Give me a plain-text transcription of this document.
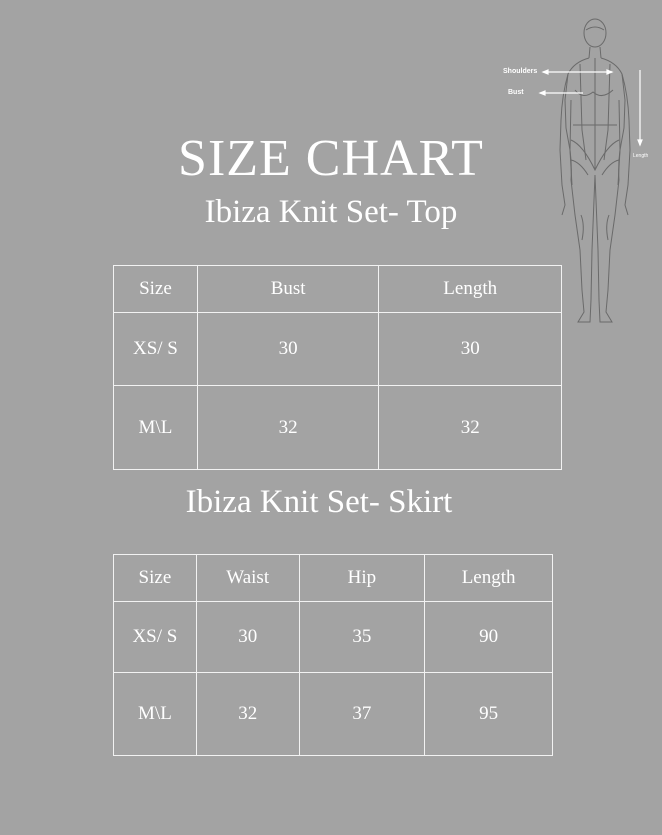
SIZE CHART
Ibiza Knit Set- Top
Shoulders
Bust
Length
Size	Bust	Length
XS/ S	30	30
M\L	32	32
Ibiza Knit Set- Skirt
Size	Waist	Hip	Length
XS/ S	30	35	90
M\L	32	37	95
